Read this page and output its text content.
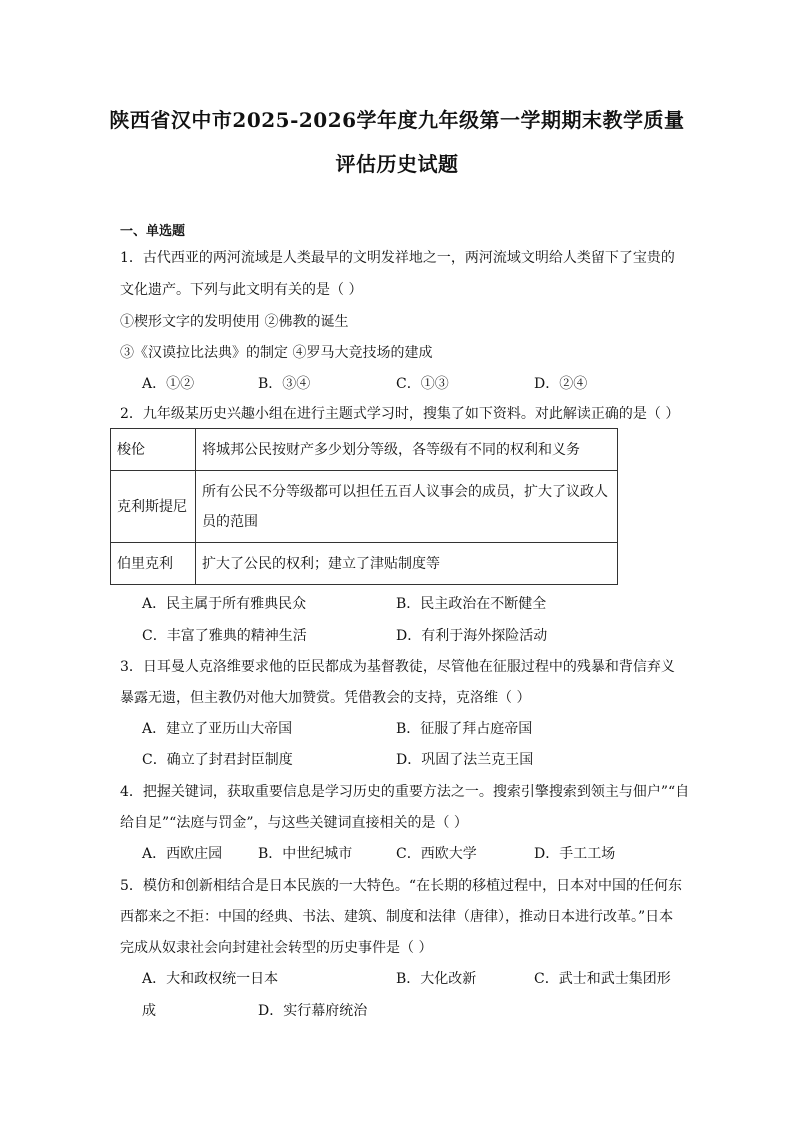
陕西省汉中市2025-2026学年度九年级第一学期期末教学质量
评估历史试题
一、单选题
1．古代西亚的两河流域是人类最早的文明发祥地之一，两河流域文明给人类留下了宝贵的
文化遗产。下列与此文明有关的是（ ）
①楔形文字的发明使用 ②佛教的诞生
③《汉谟拉比法典》的制定 ④罗马大竞技场的建成
A．①②	B．③④	C．①③	D．②④
2．九年级某历史兴趣小组在进行主题式学习时，搜集了如下资料。对此解读正确的是（ ）
梭伦	将城邦公民按财产多少划分等级，各等级有不同的权利和义务
克利斯提尼	所有公民不分等级都可以担任五百人议事会的成员，扩大了议政人员的范围
伯里克利	扩大了公民的权利；建立了津贴制度等
A．民主属于所有雅典民众	B．民主政治在不断健全
C．丰富了雅典的精神生活	D．有利于海外探险活动
3．日耳曼人克洛维要求他的臣民都成为基督教徒，尽管他在征服过程中的残暴和背信弃义
暴露无遗，但主教仍对他大加赞赏。凭借教会的支持，克洛维（ ）
A．建立了亚历山大帝国	B．征服了拜占庭帝国
C．确立了封君封臣制度	D．巩固了法兰克王国
4．把握关键词，获取重要信息是学习历史的重要方法之一。搜索引擎搜索到领主与佃户”“自
给自足”“法庭与罚金”，与这些关键词直接相关的是（ ）
A．西欧庄园	B．中世纪城市	C．西欧大学	D．手工工场
5．模仿和创新相结合是日本民族的一大特色。“在长期的移植过程中，日本对中国的任何东
西都来之不拒：中国的经典、书法、建筑、制度和法律（唐律），推动日本进行改革。”日本
完成从奴隶社会向封建社会转型的历史事件是（ ）
A．大和政权统一日本	B．大化改新	C．武士和武士集团形
成	D．实行幕府统治
